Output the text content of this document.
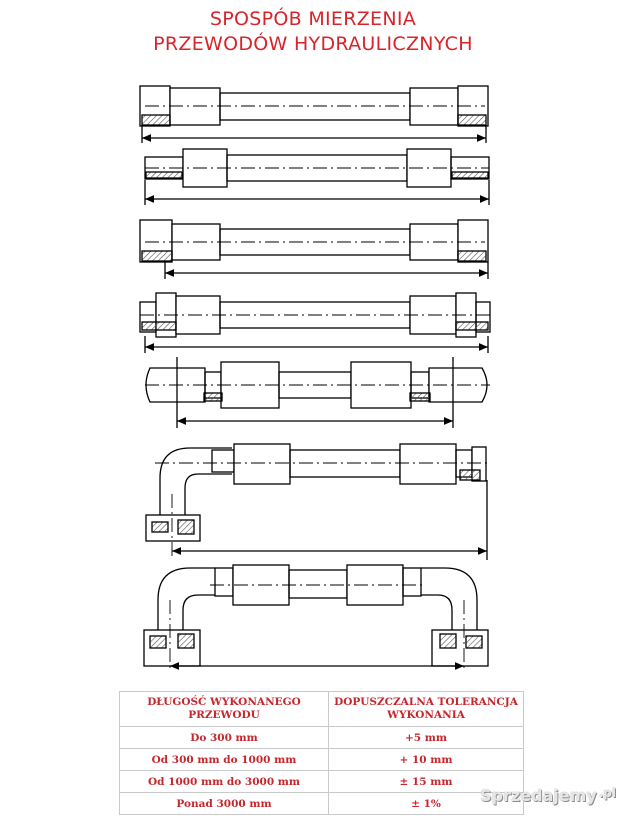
SPOSPÓB MIERZENIA
PRZEWODÓW HYDRAULICZNYCH
DŁUGOŚĆ WYKONANEGO PRZEWODU	DOPUSZCZALNA TOLERANCJA WYKONANIA
Do 300 mm	+5 mm
Od 300 mm do 1000 mm	+ 10 mm
Od 1000 mm do 3000 mm	± 15 mm
Ponad 3000 mm	± 1% Sprzedajemy $^{.pl}$
